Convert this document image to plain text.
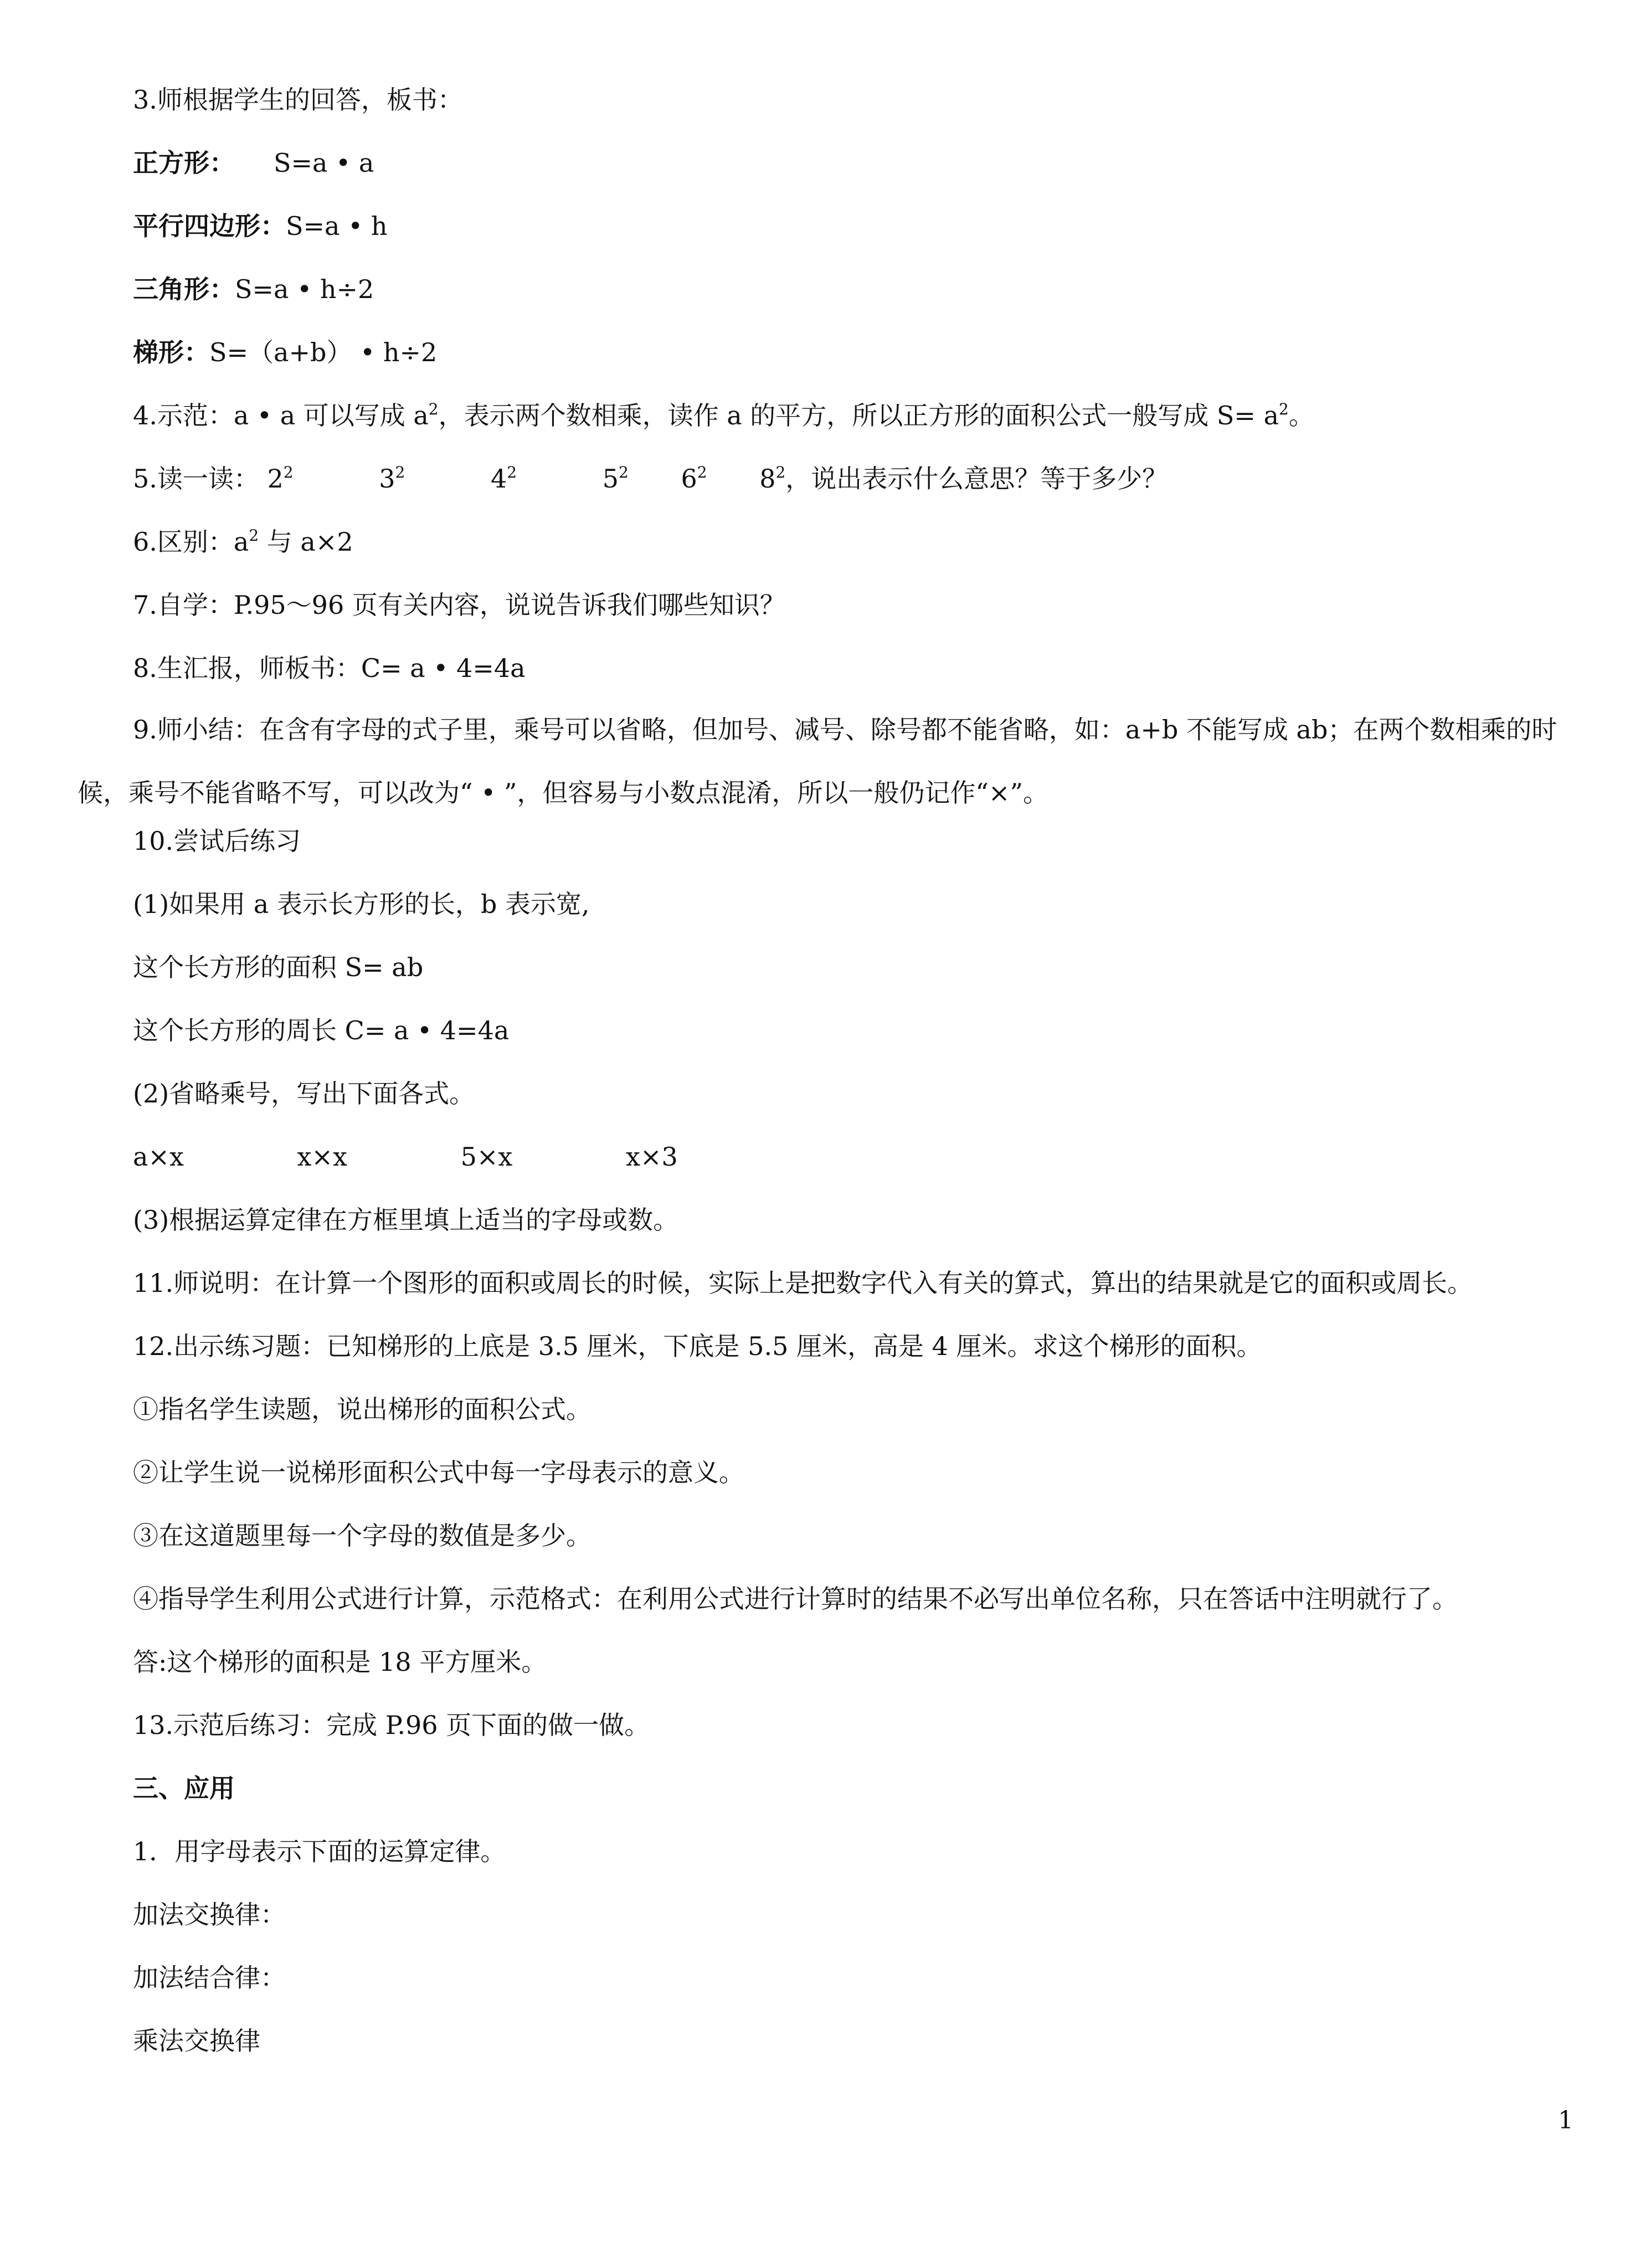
3.师根据学生的回答，板书：
正方形： S=a • a
平行四边形：S=a • h
三角形：S=a • h÷2
梯形：S=（a+b） • h÷2
4.示范：a • a 可以写成 $a^2$，表示两个数相乘，读作 a 的平方，所以正方形的面积公式一般写成 $S= a^2$。
5.读一读： $2^2$	$3^2$	$4^2$	$5^2$ $6^2$ $8^2$，说出表示什么意思？等于多少？
6.区别：$a^2$ 与 a×2
7.自学：P.95～96 页有关内容，说说告诉我们哪些知识？
8.生汇报，师板书：C= a • 4=4a
9.师小结：在含有字母的式子里，乘号可以省略，但加号、减号、除号都不能省略，如：a+b 不能写成 ab；在两个数相乘的时候，乘号不能省略不写，可以改为“ • ”，但容易与小数点混淆，所以一般仍记作“×”。
10.尝试后练习
(1)如果用 a 表示长方形的长，b 表示宽,
这个长方形的面积 S= ab
这个长方形的周长 C= a • 4=4a
(2)省略乘号，写出下面各式。
a×x	x×x	5×x	x×3
(3)根据运算定律在方框里填上适当的字母或数。
11.师说明：在计算一个图形的面积或周长的时候，实际上是把数字代入有关的算式，算出的结果就是它的面积或周长。
12.出示练习题：已知梯形的上底是 3.5 厘米，下底是 5.5 厘米，高是 4 厘米。求这个梯形的面积。
①指名学生读题，说出梯形的面积公式。
②让学生说一说梯形面积公式中每一字母表示的意义。
③在这道题里每一个字母的数值是多少。
④指导学生利用公式进行计算，示范格式：在利用公式进行计算时的结果不必写出单位名称，只在答话中注明就行了。
答:这个梯形的面积是 18 平方厘米。
13.示范后练习：完成 P.96 页下面的做一做。
三、应用
1．用字母表示下面的运算定律。
加法交换律：
加法结合律：
乘法交换律
1
